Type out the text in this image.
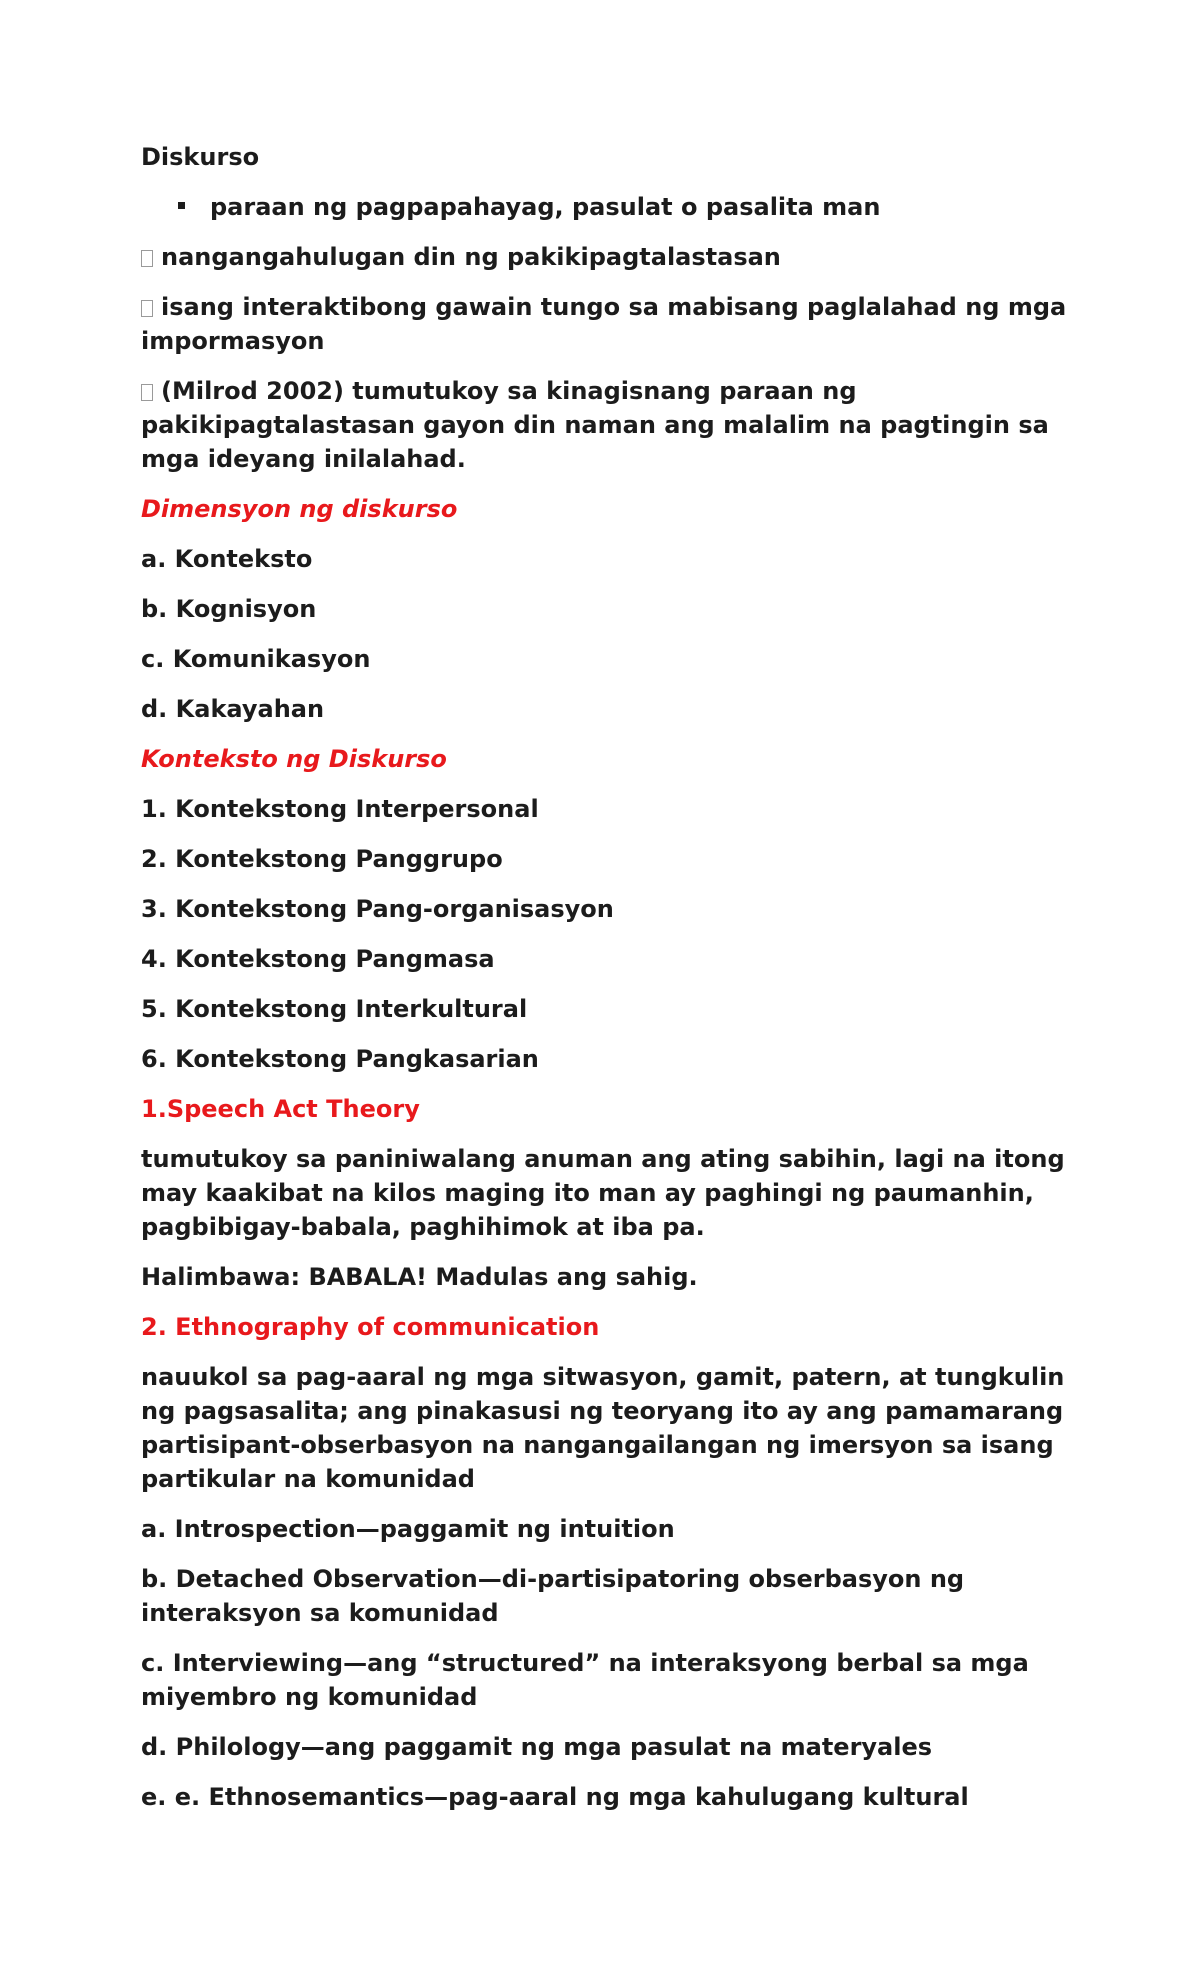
Diskurso

paraan ng pagpapahayag, pasulat o pasalita man

nangangahulugan din ng pakikipagtalastasan

isang interaktibong gawain tungo sa mabisang paglalahad ng mga impormasyon

(Milrod 2002) tumutukoy sa kinagisnang paraan ng pakikipagtalastasan gayon din naman ang malalim na pagtingin sa mga ideyang inilalahad.

Dimensyon ng diskurso

a. Konteksto

b. Kognisyon

c. Komunikasyon

d. Kakayahan

Konteksto ng Diskurso

1. Kontekstong Interpersonal

2. Kontekstong Panggrupo

3. Kontekstong Pang-organisasyon

4. Kontekstong Pangmasa

5. Kontekstong Interkultural

6. Kontekstong Pangkasarian

1.Speech Act Theory

tumutukoy sa paniniwalang anuman ang ating sabihin, lagi na itong may kaakibat na kilos maging ito man ay paghingi ng paumanhin, pagbibigay-babala, paghihimok at iba pa.

Halimbawa: BABALA! Madulas ang sahig.

2. Ethnography of communication

nauukol sa pag-aaral ng mga sitwasyon, gamit, patern, at tungkulin ng pagsasalita; ang pinakasusi ng teoryang ito ay ang pamamarang partisipant-obserbasyon na nangangailangan ng imersyon sa isang partikular na komunidad

a. Introspection—paggamit ng intuition

b. Detached Observation—di-partisipatoring obserbasyon ng interaksyon sa komunidad

c. Interviewing—ang “structured” na interaksyong berbal sa mga miyembro ng komunidad

d. Philology—ang paggamit ng mga pasulat na materyales

e. e. Ethnosemantics—pag-aaral ng mga kahulugang kultural
